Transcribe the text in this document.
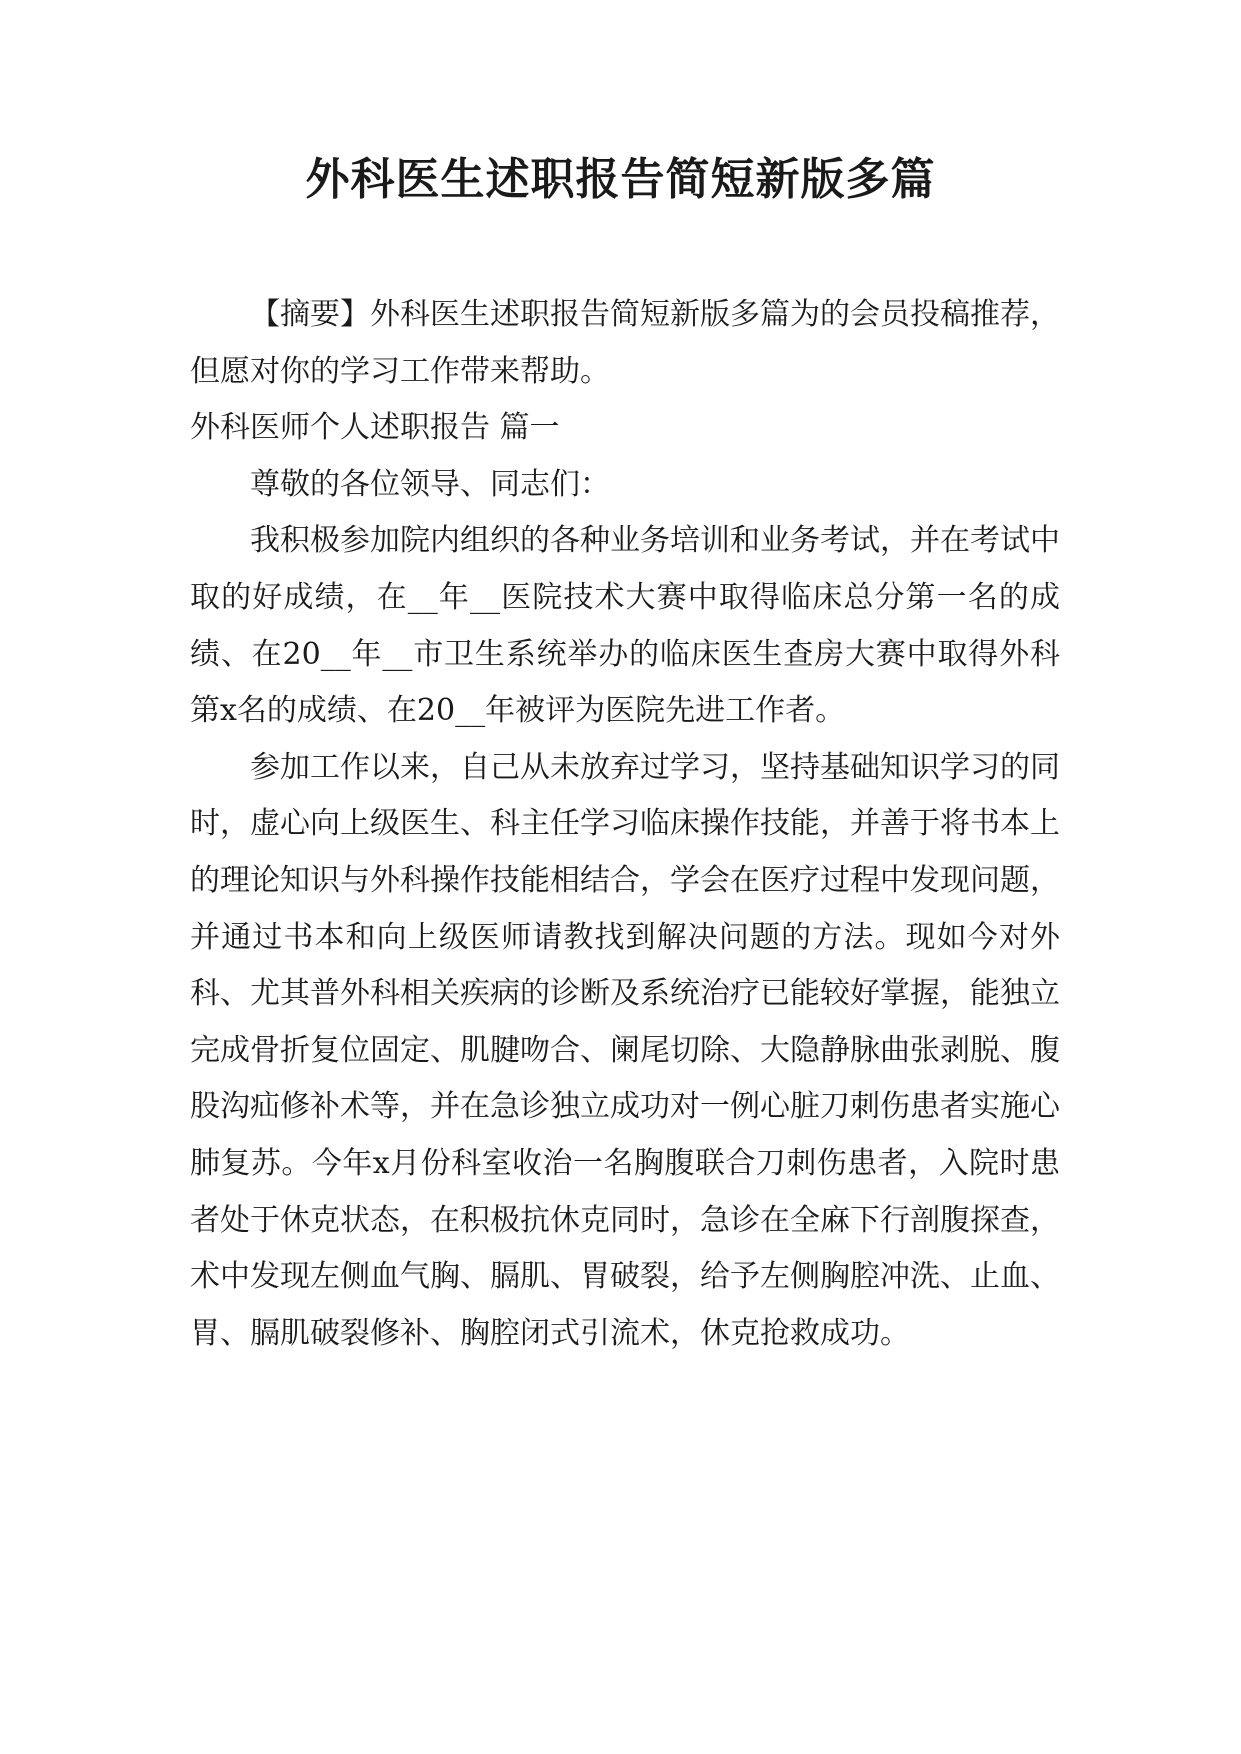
外科医生述职报告简短新版多篇

【摘要】外科医生述职报告简短新版多篇为的会员投稿推荐，但愿对你的学习工作带来帮助。

外科医师个人述职报告 篇一

尊敬的各位领导、同志们：

我积极参加院内组织的各种业务培训和业务考试，并在考试中取的好成绩，在__年__医院技术大赛中取得临床总分第一名的成绩、在20__年__市卫生系统举办的临床医生查房大赛中取得外科第x名的成绩、在20__年被评为医院先进工作者。

参加工作以来，自己从未放弃过学习，坚持基础知识学习的同时，虚心向上级医生、科主任学习临床操作技能，并善于将书本上的理论知识与外科操作技能相结合，学会在医疗过程中发现问题，并通过书本和向上级医师请教找到解决问题的方法。现如今对外科、尤其普外科相关疾病的诊断及系统治疗已能较好掌握，能独立完成骨折复位固定、肌腱吻合、阑尾切除、大隐静脉曲张剥脱、腹股沟疝修补术等，并在急诊独立成功对一例心脏刀刺伤患者实施心肺复苏。今年x月份科室收治一名胸腹联合刀刺伤患者，入院时患者处于休克状态，在积极抗休克同时，急诊在全麻下行剖腹探查，术中发现左侧血气胸、膈肌、胃破裂，给予左侧胸腔冲洗、止血、胃、膈肌破裂修补、胸腔闭式引流术，休克抢救成功。
